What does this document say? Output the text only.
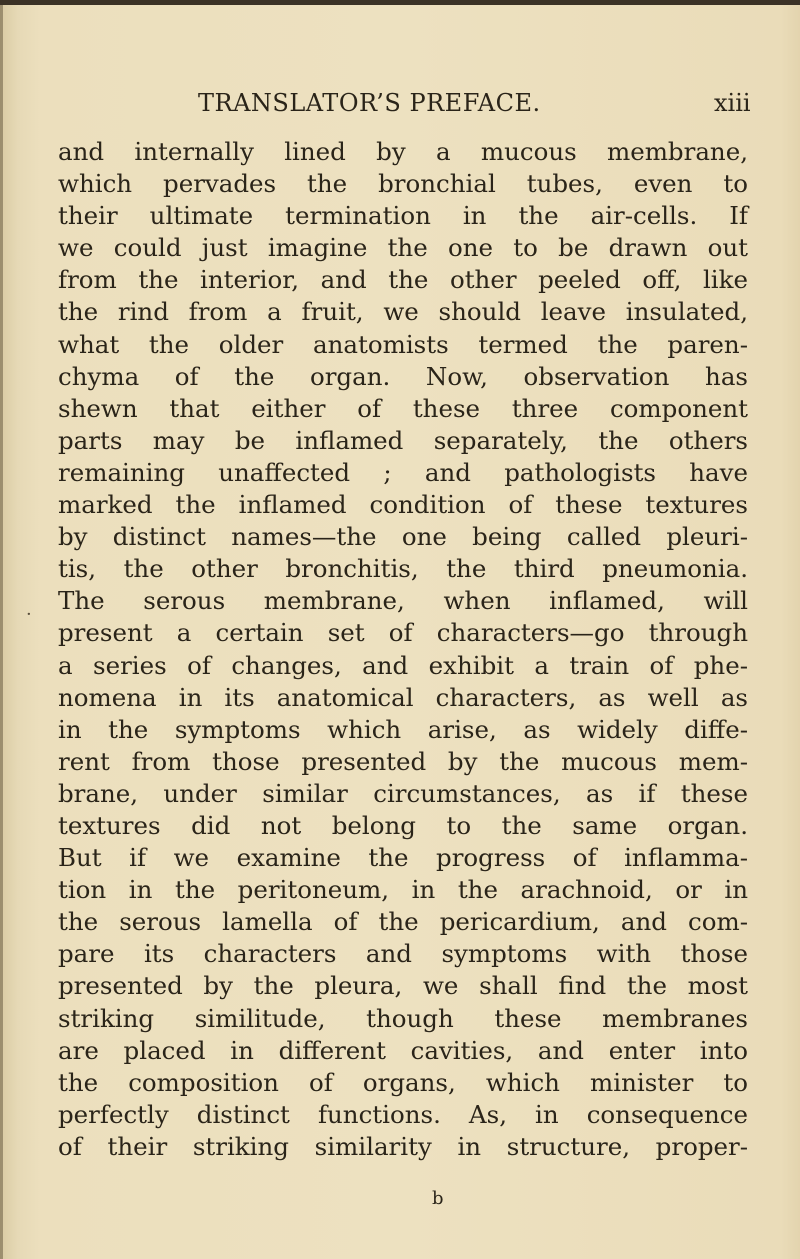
TRANSLATOR’S PREFACE.	xiii
·
and internally lined by a mucous membrane,
which pervades the bronchial tubes, even to
their ultimate termination in the air-cells. If
we could just imagine the one to be drawn out
from the interior, and the other peeled off, like
the rind from a fruit, we should leave insulated,
what the older anatomists termed the paren-
chyma of the organ. Now, observation has
shewn that either of these three component
parts may be inflamed separately, the others
remaining unaffected ; and pathologists have
marked the inflamed condition of these textures
by distinct names—the one being called pleuri-
tis, the other bronchitis, the third pneumonia.
The serous membrane, when inflamed, will
present a certain set of characters—go through
a series of changes, and exhibit a train of phe-
nomena in its anatomical characters, as well as
in the symptoms which arise, as widely diffe-
rent from those presented by the mucous mem-
brane, under similar circumstances, as if these
textures did not belong to the same organ.
But if we examine the progress of inflamma-
tion in the peritoneum, in the arachnoid, or in
the serous lamella of the pericardium, and com-
pare its characters and symptoms with those
presented by the pleura, we shall find the most
striking similitude, though these membranes
are placed in different cavities, and enter into
the composition of organs, which minister to
perfectly distinct functions. As, in consequence
of their striking similarity in structure, proper-
b
